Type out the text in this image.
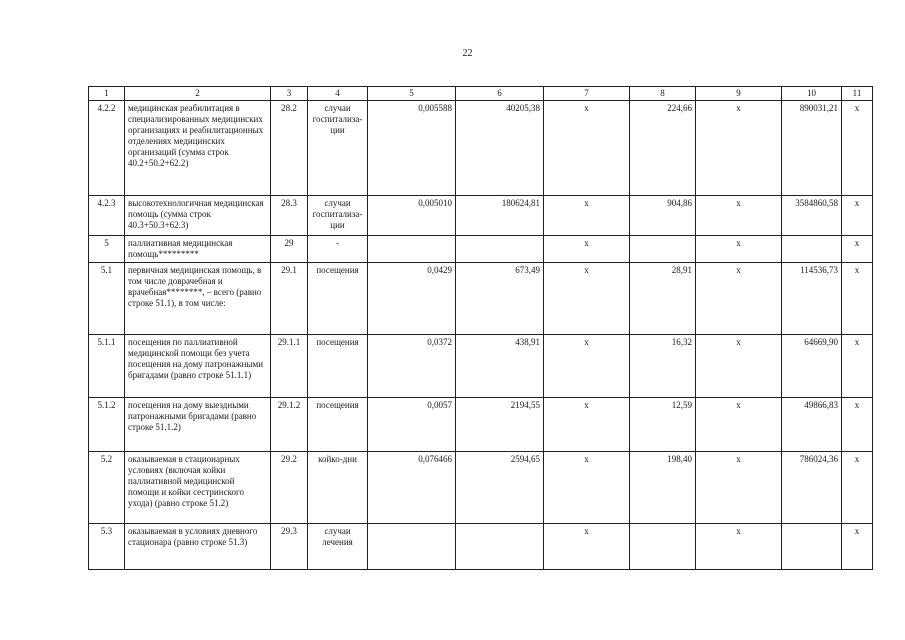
22
1	2	3	4	5	6	7	8	9	10	11
4.2.2	медицинская реабилитация в специализированных медицинских организациях и реабилитационных отделениях медицинских организаций (сумма строк 40.2+50.2+62.2)	28.2	случаи госпитализа-ции	0,005588	40205,38	х	224,66	х	890031,21	х
4.2.3	высокотехнологичная медицинская помощь (сумма строк 40.3+50.3+62.3)	28.3	случаи госпитализа-ции	0,005010	180624,81	х	904,86	х	3584860,58	х
5	паллиативная медицинская помощь*********	29	-			х		х		х
5.1	первичная медицинская помощь, в том числе доврачебная и врачебная********, – всего (равно строке 51.1), в том числе:	29.1	посещения	0,0429	673,49	х	28,91	х	114536,73	х
5.1.1	посещения по паллиативной медицинской помощи без учета посещения на дому патронажными бригадами (равно строке 51.1.1)	29.1.1	посещения	0,0372	438,91	х	16,32	х	64669,90	х
5.1.2	посещения на дому выездными патронажными бригадами (равно строке 51.1.2)	29.1.2	посещения	0,0057	2194,55	х	12,59	х	49866,83	х
5.2	оказываемая в стационарных условиях (включая койки паллиативной медицинской помощи и койки сестринского ухода) (равно строке 51.2)	29.2	койко-дни	0,076466	2594,65	х	198,40	х	786024,36	х
5.3	оказываемая в условиях дневного стационара (равно строке 51.3)	29.3	случаи лечения			х		х		х
